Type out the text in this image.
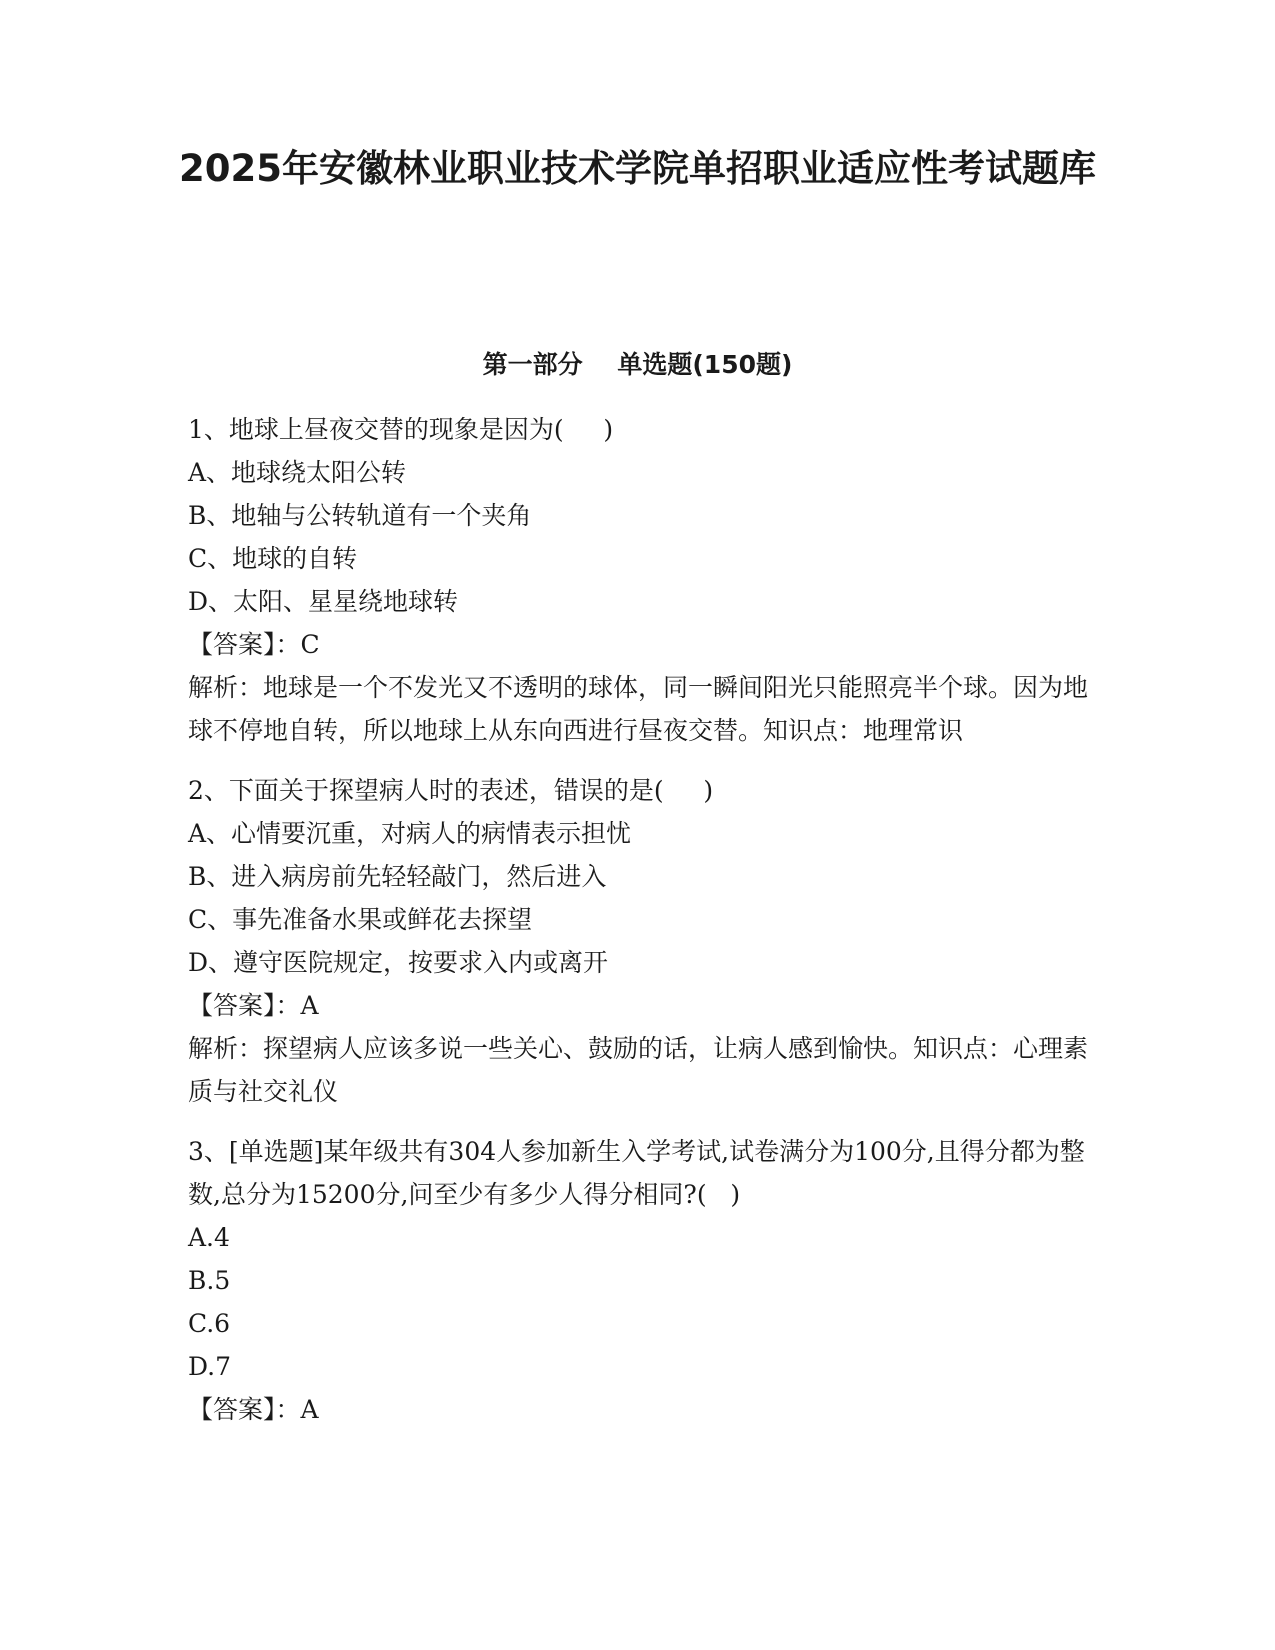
2025年安徽林业职业技术学院单招职业适应性考试题库
第一部分    单选题(150题)
1、地球上昼夜交替的现象是因为(     )
A、地球绕太阳公转
B、地轴与公转轨道有一个夹角
C、地球的自转
D、太阳、星星绕地球转
【答案】：C
解析：地球是一个不发光又不透明的球体，同一瞬间阳光只能照亮半个球。因为地球不停地自转，所以地球上从东向西进行昼夜交替。知识点：地理常识
2、下面关于探望病人时的表述，错误的是(     )
A、心情要沉重，对病人的病情表示担忧
B、进入病房前先轻轻敲门，然后进入
C、事先准备水果或鲜花去探望
D、遵守医院规定，按要求入内或离开
【答案】：A
解析：探望病人应该多说一些关心、鼓励的话，让病人感到愉快。知识点：心理素质与社交礼仪
3、[单选题]某年级共有304人参加新生入学考试,试卷满分为100分,且得分都为整数,总分为15200分,问至少有多少人得分相同?(   )
A.4
B.5
C.6
D.7
【答案】：A
